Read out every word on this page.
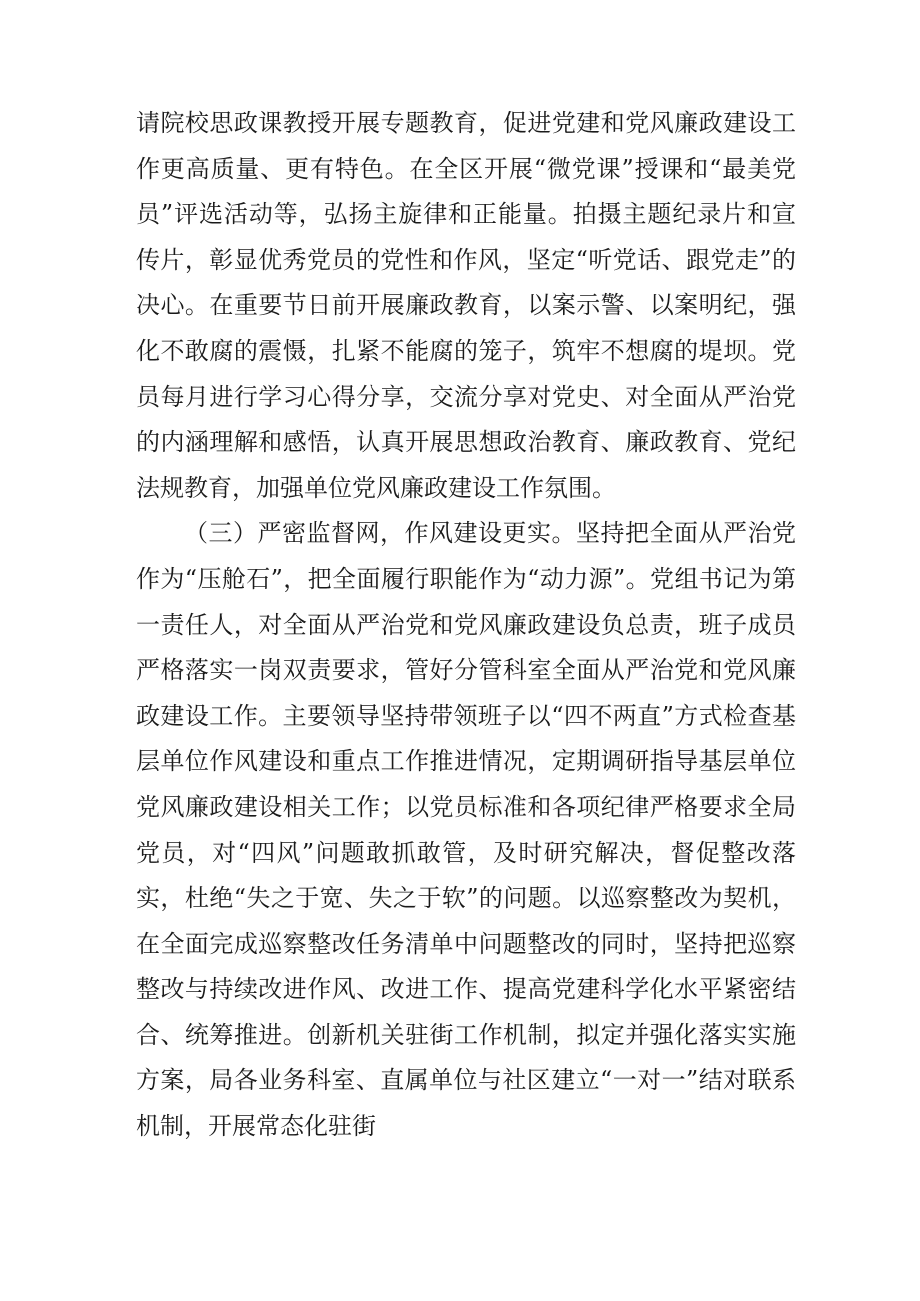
请院校思政课教授开展专题教育，促进党建和党风廉政建设工作更高质量、更有特色。在全区开展“微党课”授课和“最美党员”评选活动等，弘扬主旋律和正能量。拍摄主题纪录片和宣传片，彰显优秀党员的党性和作风，坚定“听党话、跟党走”的决心。在重要节日前开展廉政教育，以案示警、以案明纪，强化不敢腐的震慑，扎紧不能腐的笼子，筑牢不想腐的堤坝。党员每月进行学习心得分享，交流分享对党史、对全面从严治党的内涵理解和感悟，认真开展思想政治教育、廉政教育、党纪法规教育，加强单位党风廉政建设工作氛围。

（三）严密监督网，作风建设更实。坚持把全面从严治党作为“压舱石”，把全面履行职能作为“动力源”。党组书记为第一责任人，对全面从严治党和党风廉政建设负总责，班子成员严格落实一岗双责要求，管好分管科室全面从严治党和党风廉政建设工作。主要领导坚持带领班子以“四不两直”方式检查基层单位作风建设和重点工作推进情况，定期调研指导基层单位党风廉政建设相关工作；以党员标准和各项纪律严格要求全局党员，对“四风”问题敢抓敢管，及时研究解决，督促整改落实，杜绝“失之于宽、失之于软”的问题。以巡察整改为契机，在全面完成巡察整改任务清单中问题整改的同时，坚持把巡察整改与持续改进作风、改进工作、提高党建科学化水平紧密结合、统筹推进。创新机关驻街工作机制，拟定并强化落实实施方案，局各业务科室、直属单位与社区建立“一对一”结对联系机制，开展常态化驻街
